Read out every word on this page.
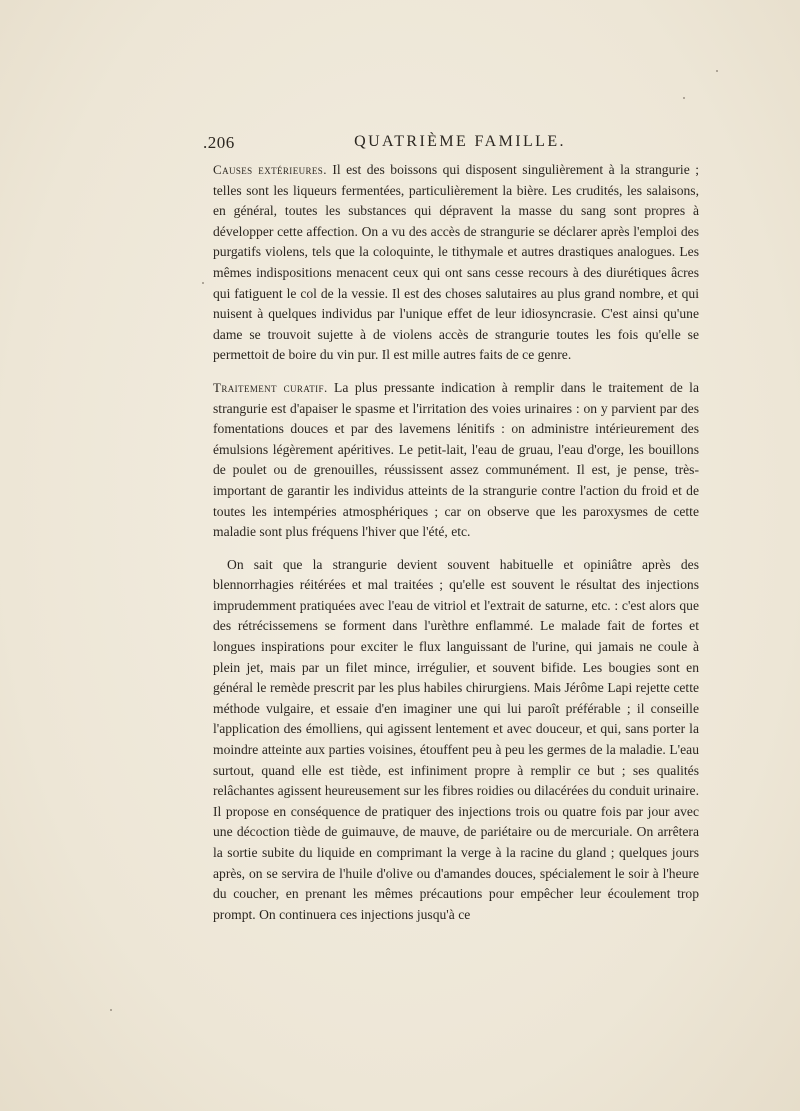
.206	QUATRIÈME FAMILLE.

Causes extérieures. Il est des boissons qui disposent singulièrement à la strangurie ; telles sont les liqueurs fermentées, particulièrement la bière. Les crudités, les salaisons, en général, toutes les substances qui dépravent la masse du sang sont propres à développer cette affection. On a vu des accès de strangurie se déclarer après l'emploi des purgatifs violens, tels que la coloquinte, le tithymale et autres drastiques analogues. Les mêmes indispositions menacent ceux qui ont sans cesse recours à des diurétiques âcres qui fatiguent le col de la vessie. Il est des choses salutaires au plus grand nombre, et qui nuisent à quelques individus par l'unique effet de leur idiosyncrasie. C'est ainsi qu'une dame se trouvoit sujette à de violens accès de strangurie toutes les fois qu'elle se permettoit de boire du vin pur. Il est mille autres faits de ce genre.

Traitement curatif. La plus pressante indication à remplir dans le traitement de la strangurie est d'apaiser le spasme et l'irritation des voies urinaires : on y parvient par des fomentations douces et par des lavemens lénitifs : on administre intérieurement des émulsions légèrement apéritives. Le petit-lait, l'eau de gruau, l'eau d'orge, les bouillons de poulet ou de grenouilles, réussissent assez communément. Il est, je pense, très-important de garantir les individus atteints de la strangurie contre l'action du froid et de toutes les intempéries atmosphériques ; car on observe que les paroxysmes de cette maladie sont plus fréquens l'hiver que l'été, etc.

On sait que la strangurie devient souvent habituelle et opiniâtre après des blennorrhagies réitérées et mal traitées ; qu'elle est souvent le résultat des injections imprudemment pratiquées avec l'eau de vitriol et l'extrait de saturne, etc. : c'est alors que des rétrécissemens se forment dans l'urèthre enflammé. Le malade fait de fortes et longues inspirations pour exciter le flux languissant de l'urine, qui jamais ne coule à plein jet, mais par un filet mince, irrégulier, et souvent bifide. Les bougies sont en général le remède prescrit par les plus habiles chirurgiens. Mais Jérôme Lapi rejette cette méthode vulgaire, et essaie d'en imaginer une qui lui paroît préférable ; il conseille l'application des émolliens, qui agissent lentement et avec douceur, et qui, sans porter la moindre atteinte aux parties voisines, étouffent peu à peu les germes de la maladie. L'eau surtout, quand elle est tiède, est infiniment propre à remplir ce but ; ses qualités relâchantes agissent heureusement sur les fibres roidies ou dilacérées du conduit urinaire. Il propose en conséquence de pratiquer des injections trois ou quatre fois par jour avec une décoction tiède de guimauve, de mauve, de pariétaire ou de mercuriale. On arrêtera la sortie subite du liquide en comprimant la verge à la racine du gland ; quelques jours après, on se servira de l'huile d'olive ou d'amandes douces, spécialement le soir à l'heure du coucher, en prenant les mêmes précautions pour empêcher leur écoulement trop prompt. On continuera ces injections jusqu'à ce
